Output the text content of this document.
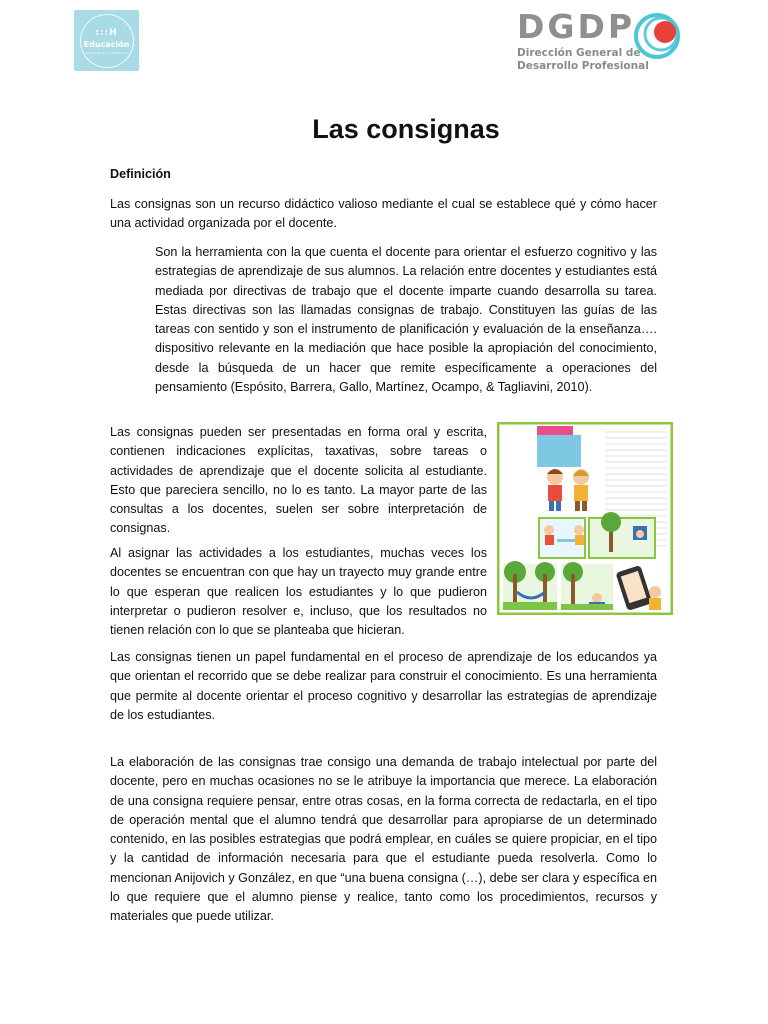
:::H
Educación
Gobierno de la Provincia
DGDP
Dirección General de
Desarrollo Profesional
Las consignas
Definición
Las consignas son un recurso didáctico valioso mediante el cual se establece qué y cómo hacer una actividad organizada por el docente.
Son la herramienta con la que cuenta el docente para orientar el esfuerzo cognitivo y las estrategias de aprendizaje de sus alumnos. La relación entre docentes y estudiantes está mediada por directivas de trabajo que el docente imparte cuando desarrolla su tarea. Estas directivas son las llamadas consignas de trabajo. Constituyen las guías de las tareas con sentido y son el instrumento de planificación y evaluación de la enseñanza…. dispositivo relevante en la mediación que hace posible la apropiación del conocimiento, desde la búsqueda de un hacer que remite específicamente a operaciones del pensamiento (Espósito, Barrera, Gallo, Martínez, Ocampo, & Tagliavini, 2010).
Las consignas pueden ser presentadas en forma oral y escrita, contienen indicaciones explícitas, taxativas, sobre tareas o actividades de aprendizaje que el docente solicita al estudiante. Esto que pareciera sencillo, no lo es tanto. La mayor parte de las consultas a los docentes, suelen ser sobre interpretación de consignas.
Al asignar las actividades a los estudiantes, muchas veces los docentes se encuentran con que hay un trayecto muy grande entre lo que esperan que realicen los estudiantes y lo que pudieron interpretar o pudieron resolver e, incluso, que los resultados no tienen relación con lo que se planteaba que hicieran.
Las consignas tienen un papel fundamental en el proceso de aprendizaje de los educandos ya que orientan el recorrido que se debe realizar para construir el conocimiento. Es una herramienta que permite al docente orientar el proceso cognitivo y desarrollar las estrategias de aprendizaje de los estudiantes.
La elaboración de las consignas trae consigo una demanda de trabajo intelectual por parte del docente, pero en muchas ocasiones no se le atribuye la importancia que merece. La elaboración de una consigna requiere pensar, entre otras cosas, en la forma correcta de redactarla, en el tipo de operación mental que el alumno tendrá que desarrollar para apropiarse de un determinado contenido, en las posibles estrategias que podrá emplear, en cuáles se quiere propiciar, en el tipo y la cantidad de información necesaria para que el estudiante pueda resolverla. Como lo mencionan Anijovich y González, en que “una buena consigna (…), debe ser clara y específica en lo que requiere que el alumno piense y realice, tanto como los procedimientos, recursos y materiales que puede utilizar.
